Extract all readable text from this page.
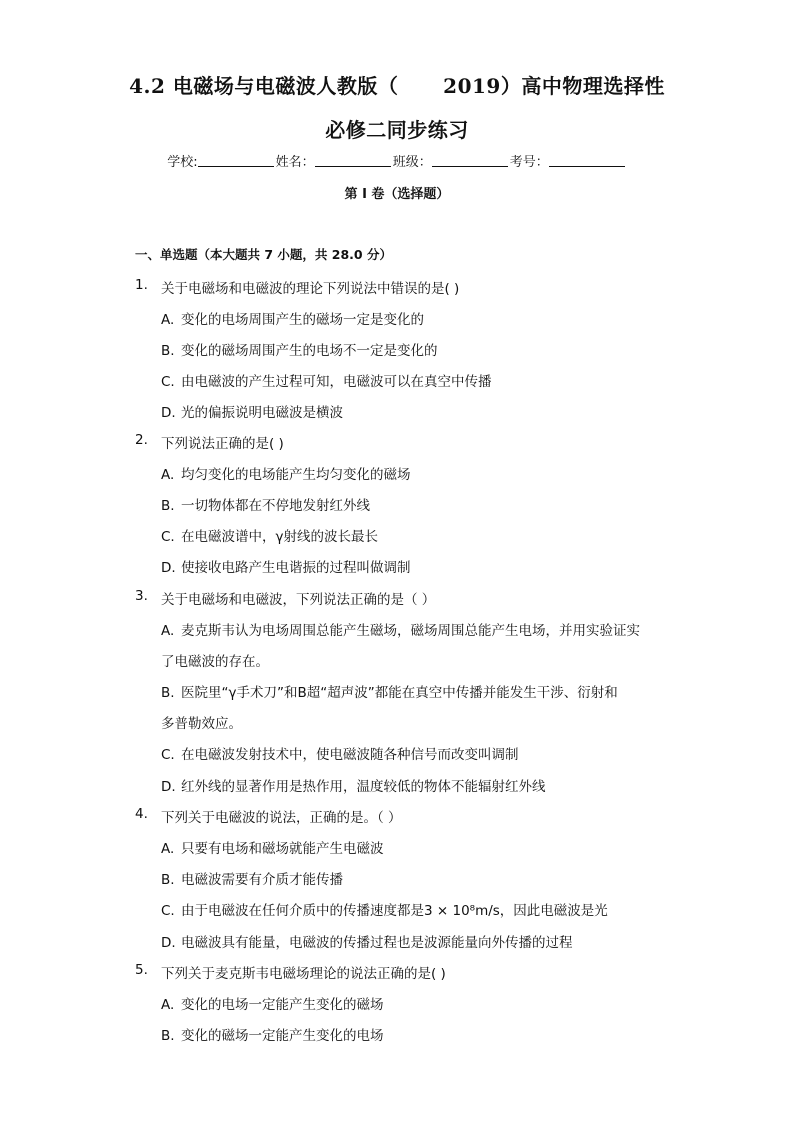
4.2 电磁场与电磁波人教版（      2019）高中物理选择性
必修二同步练习
学校:	姓名：	班级：	考号：
第 I 卷（选择题）
一、单选题（本大题共 7 小题，共 28.0 分）
1. 关于电磁场和电磁波的理论下列说法中错误的是( )
A. 变化的电场周围产生的磁场一定是变化的
B. 变化的磁场周围产生的电场不一定是变化的
C. 由电磁波的产生过程可知，电磁波可以在真空中传播
D. 光的偏振说明电磁波是横波
2. 下列说法正确的是( )
A. 均匀变化的电场能产生均匀变化的磁场
B. 一切物体都在不停地发射红外线
C. 在电磁波谱中，γ射线的波长最长
D. 使接收电路产生电谐振的过程叫做调制
3. 关于电磁场和电磁波，下列说法正确的是（ ）
A. 麦克斯韦认为电场周围总能产生磁场，磁场周围总能产生电场，并用实验证实
了电磁波的存在。
B. 医院里“γ手术刀”和B超“超声波”都能在真空中传播并能发生干涉、衍射和
多普勒效应。
C. 在电磁波发射技术中，使电磁波随各种信号而改变叫调制
D. 红外线的显著作用是热作用，温度较低的物体不能辐射红外线
4. 下列关于电磁波的说法，正确的是。（ ）
A. 只要有电场和磁场就能产生电磁波
B. 电磁波需要有介质才能传播
C. 由于电磁波在任何介质中的传播速度都是3 × 10⁸m/s，因此电磁波是光
D. 电磁波具有能量，电磁波的传播过程也是波源能量向外传播的过程
5. 下列关于麦克斯韦电磁场理论的说法正确的是( )
A. 变化的电场一定能产生变化的磁场
B. 变化的磁场一定能产生变化的电场
